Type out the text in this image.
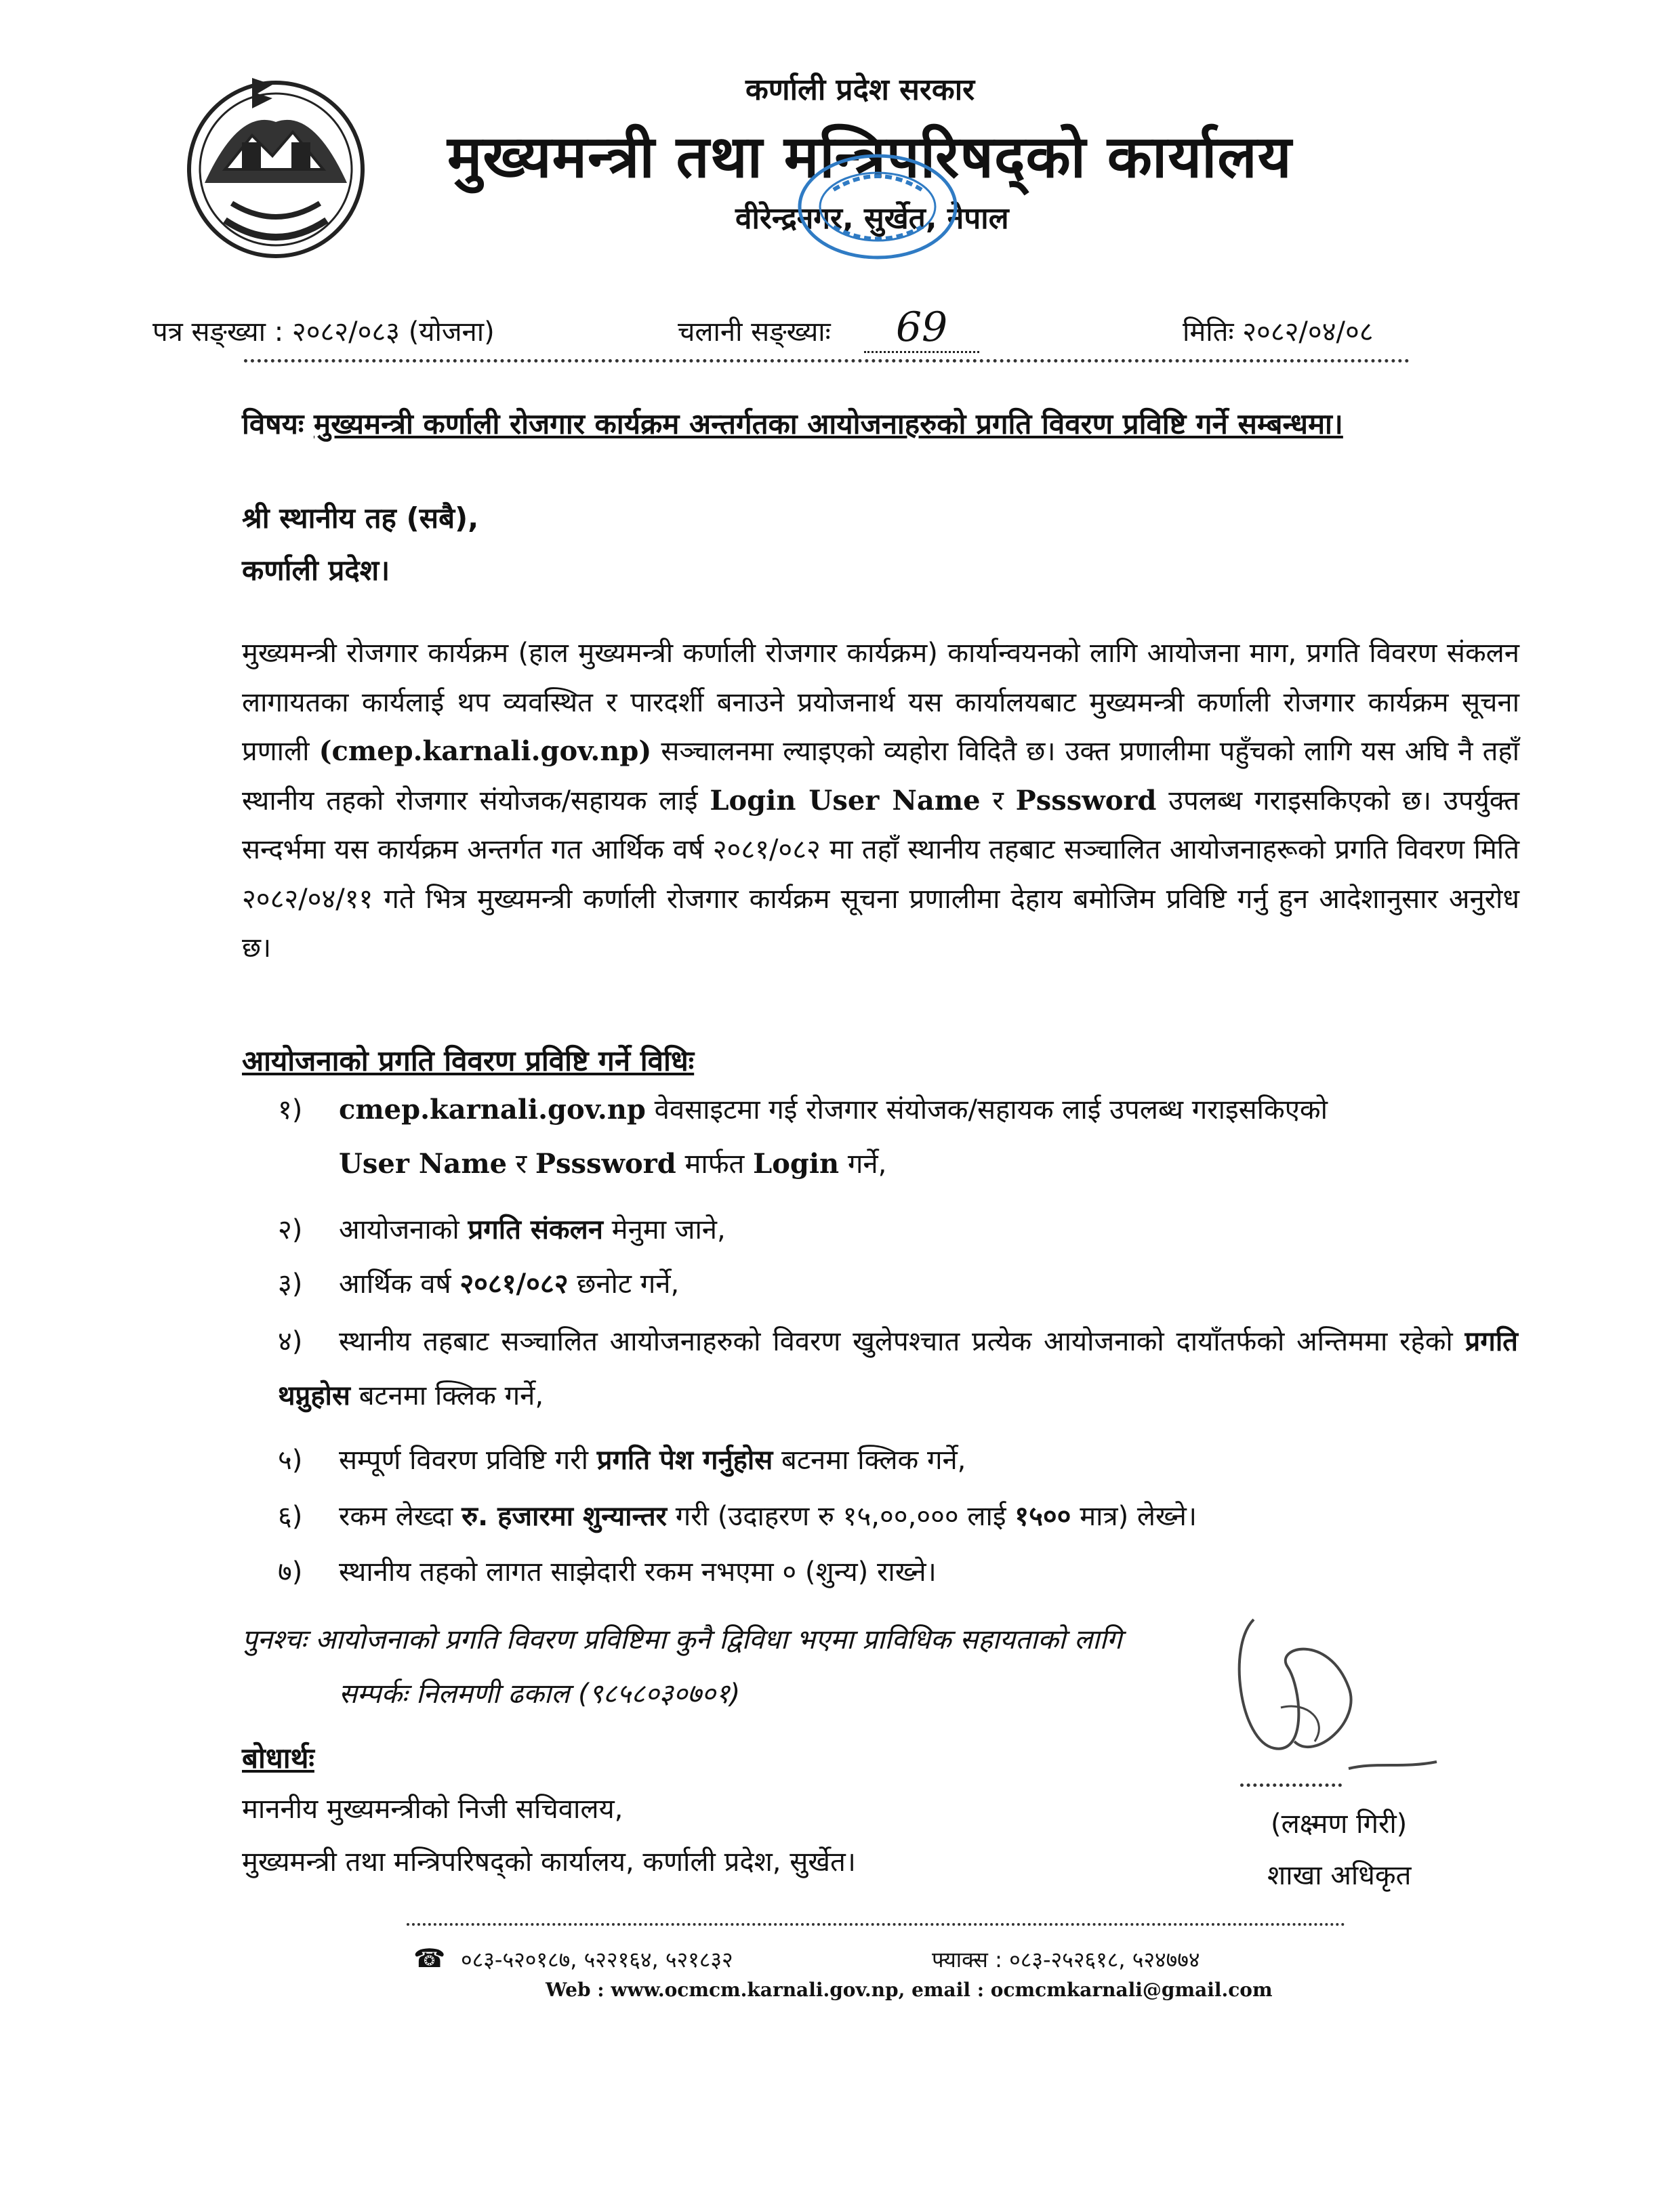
कर्णाली प्रदेश सरकार
मुख्यमन्त्री तथा मन्त्रिपरिषद्को कार्यालय
वीरेन्द्रनगर, सुर्खेत, नेपाल
पत्र सङ्ख्या : २०८२/०८३ (योजना)	चलानी सङ्ख्याः	69	मितिः २०८२/०४/०८
विषयः मुख्यमन्त्री कर्णाली रोजगार कार्यक्रम अन्तर्गतका आयोजनाहरुको प्रगति विवरण प्रविष्टि गर्ने सम्बन्धमा।
श्री स्थानीय तह (सबै),
कर्णाली प्रदेश।
मुख्यमन्त्री रोजगार कार्यक्रम (हाल मुख्यमन्त्री कर्णाली रोजगार कार्यक्रम) कार्यान्वयनको लागि आयोजना माग, प्रगति विवरण संकलन लागायतका कार्यलाई थप व्यवस्थित र पारदर्शी बनाउने प्रयोजनार्थ यस कार्यालयबाट मुख्यमन्त्री कर्णाली रोजगार कार्यक्रम सूचना प्रणाली (cmep.karnali.gov.np) सञ्चालनमा ल्याइएको व्यहोरा विदितै छ। उक्त प्रणालीमा पहुँचको लागि यस अघि नै तहाँ स्थानीय तहको रोजगार संयोजक/सहायक लाई Login User Name र Psssword उपलब्ध गराइसकिएको छ। उपर्युक्त सन्दर्भमा यस कार्यक्रम अन्तर्गत गत आर्थिक वर्ष २०८१/०८२ मा तहाँ स्थानीय तहबाट सञ्चालित आयोजनाहरूको प्रगति विवरण मिति २०८२/०४/११ गते भित्र मुख्यमन्त्री कर्णाली रोजगार कार्यक्रम सूचना प्रणालीमा देहाय बमोजिम प्रविष्टि गर्नु हुन आदेशानुसार अनुरोध छ।
आयोजनाको प्रगति विवरण प्रविष्टि गर्ने विधिः
१) cmep.karnali.gov.np वेवसाइटमा गई रोजगार संयोजक/सहायक लाई उपलब्ध गराइसकिएको
User Name र Psssword मार्फत Login गर्ने,
२) आयोजनाको प्रगति संकलन मेनुमा जाने,
३) आर्थिक वर्ष २०८१/०८२ छनोट गर्ने,
४) स्थानीय तहबाट सञ्चालित आयोजनाहरुको विवरण खुलेपश्चात प्रत्येक आयोजनाको दायाँतर्फको अन्तिममा रहेको प्रगति थप्नुहोस बटनमा क्लिक गर्ने,
५) सम्पूर्ण विवरण प्रविष्टि गरी प्रगति पेश गर्नुहोस बटनमा क्लिक गर्ने,
६) रकम लेख्दा रु. हजारमा शुन्यान्तर गरी (उदाहरण रु १५,००,००० लाई १५०० मात्र) लेख्ने।
७) स्थानीय तहको लागत साझेदारी रकम नभएमा ० (शुन्य) राख्ने।
पुनश्चः आयोजनाको प्रगति विवरण प्रविष्टिमा कुनै द्विविधा भएमा प्राविधिक सहायताको लागि
सम्पर्कः निलमणी ढकाल (९८५८०३०७०१)
बोधार्थः
माननीय मुख्यमन्त्रीको निजी सचिवालय,
मुख्यमन्त्री तथा मन्त्रिपरिषद्को कार्यालय, कर्णाली प्रदेश, सुर्खेत।
(लक्ष्मण गिरी)
शाखा अधिकृत
☎ ०८३-५२०१८७, ५२२१६४, ५२१८३२	फ्याक्स : ०८३-२५२६१८, ५२४७७४
Web : www.ocmcm.karnali.gov.np, email : ocmcmkarnali@gmail.com
